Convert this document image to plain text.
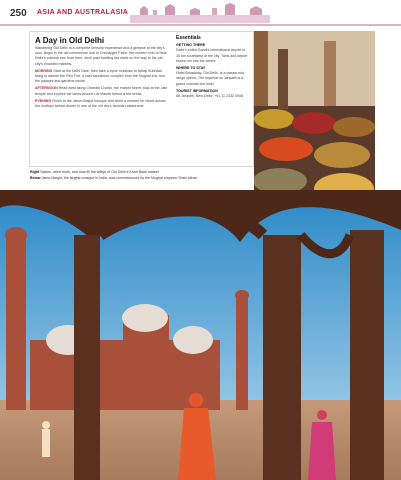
250 ASIA AND AUSTRALASIA
A Day in Old Delhi

Wandering Old Delhi is a complete sensory experience and a glimpse of the city's soul. Begin in the old commercial hub of Connaught Place, the modern hub of New Delhi's colonial era; from here, stroll past bustling tea stalls on the way to the old city's crowded markets.

MORNING Start at the Delhi Gate, then take a cycle rickshaw to Netaji Subhash Marg to admire the Red Fort, a vast sandstone complex from the Mughal era; tour the palaces and gardens inside.

AFTERNOON Head west along Chandni Chowk, the market street; stop at the Jain temple and explore the lanes around Lal Mandir before a tea break.

EVENING Finish at the Jama Masjid mosque and climb a minaret for views across the rooftops before dinner in one of the old city's famous restaurants.

Essentials
GETTING THERE
Delhi's Indira Gandhi International Airport is 16 km southwest of the city. Taxis and airport buses run into the centre.
WHERE TO STAY
Hotel Broadway, Old Delhi, is a classic mid-range option; The Imperial on Janpath is a grand colonial-era hotel.
TOURIST INFORMATION
88 Janpath, New Delhi; +91 11 2332 0008
Right Spices, dried fruits, and nuts fill the alleys of Old Delhi's Khari Baoli market
Below Jama Masjid, the largest mosque in India, was commissioned by the Mughal emperor Shah Jahan
